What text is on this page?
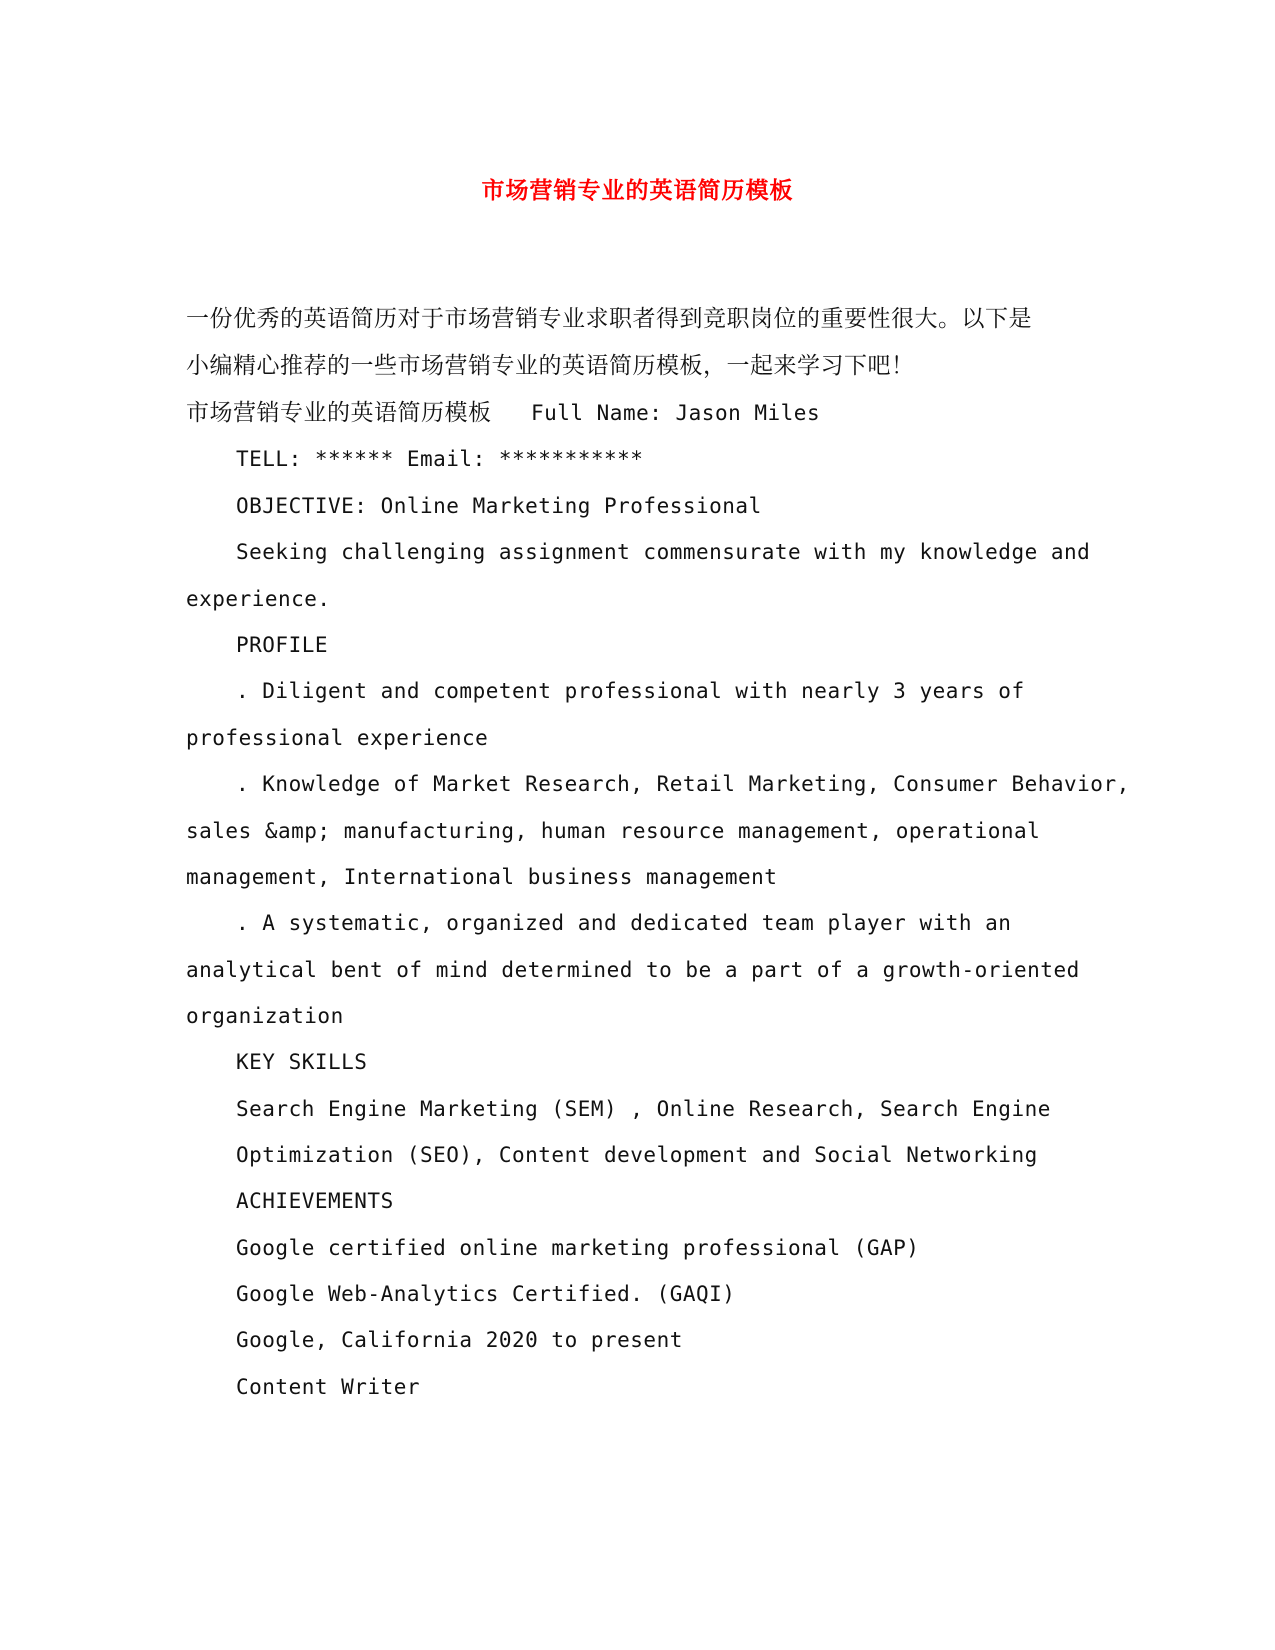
市场营销专业的英语简历模板
一份优秀的英语简历对于市场营销专业求职者得到竞职岗位的重要性很大。以下是
小编精心推荐的一些市场营销专业的英语简历模板，一起来学习下吧！
市场营销专业的英语简历模板 Full Name: Jason Miles
TELL: ****** Email: ***********
OBJECTIVE: Online Marketing Professional
Seeking challenging assignment commensurate with my knowledge and
experience.
PROFILE
. Diligent and competent professional with nearly 3 years of
professional experience
. Knowledge of Market Research, Retail Marketing, Consumer Behavior,
sales &amp; manufacturing, human resource management, operational
management, International business management
. A systematic, organized and dedicated team player with an
analytical bent of mind determined to be a part of a growth-oriented
organization
KEY SKILLS
Search Engine Marketing (SEM) , Online Research, Search Engine
Optimization (SEO), Content development and Social Networking
ACHIEVEMENTS
Google certified online marketing professional (GAP)
Google Web-Analytics Certified. (GAQI)
Google, California 2020 to present
Content Writer
